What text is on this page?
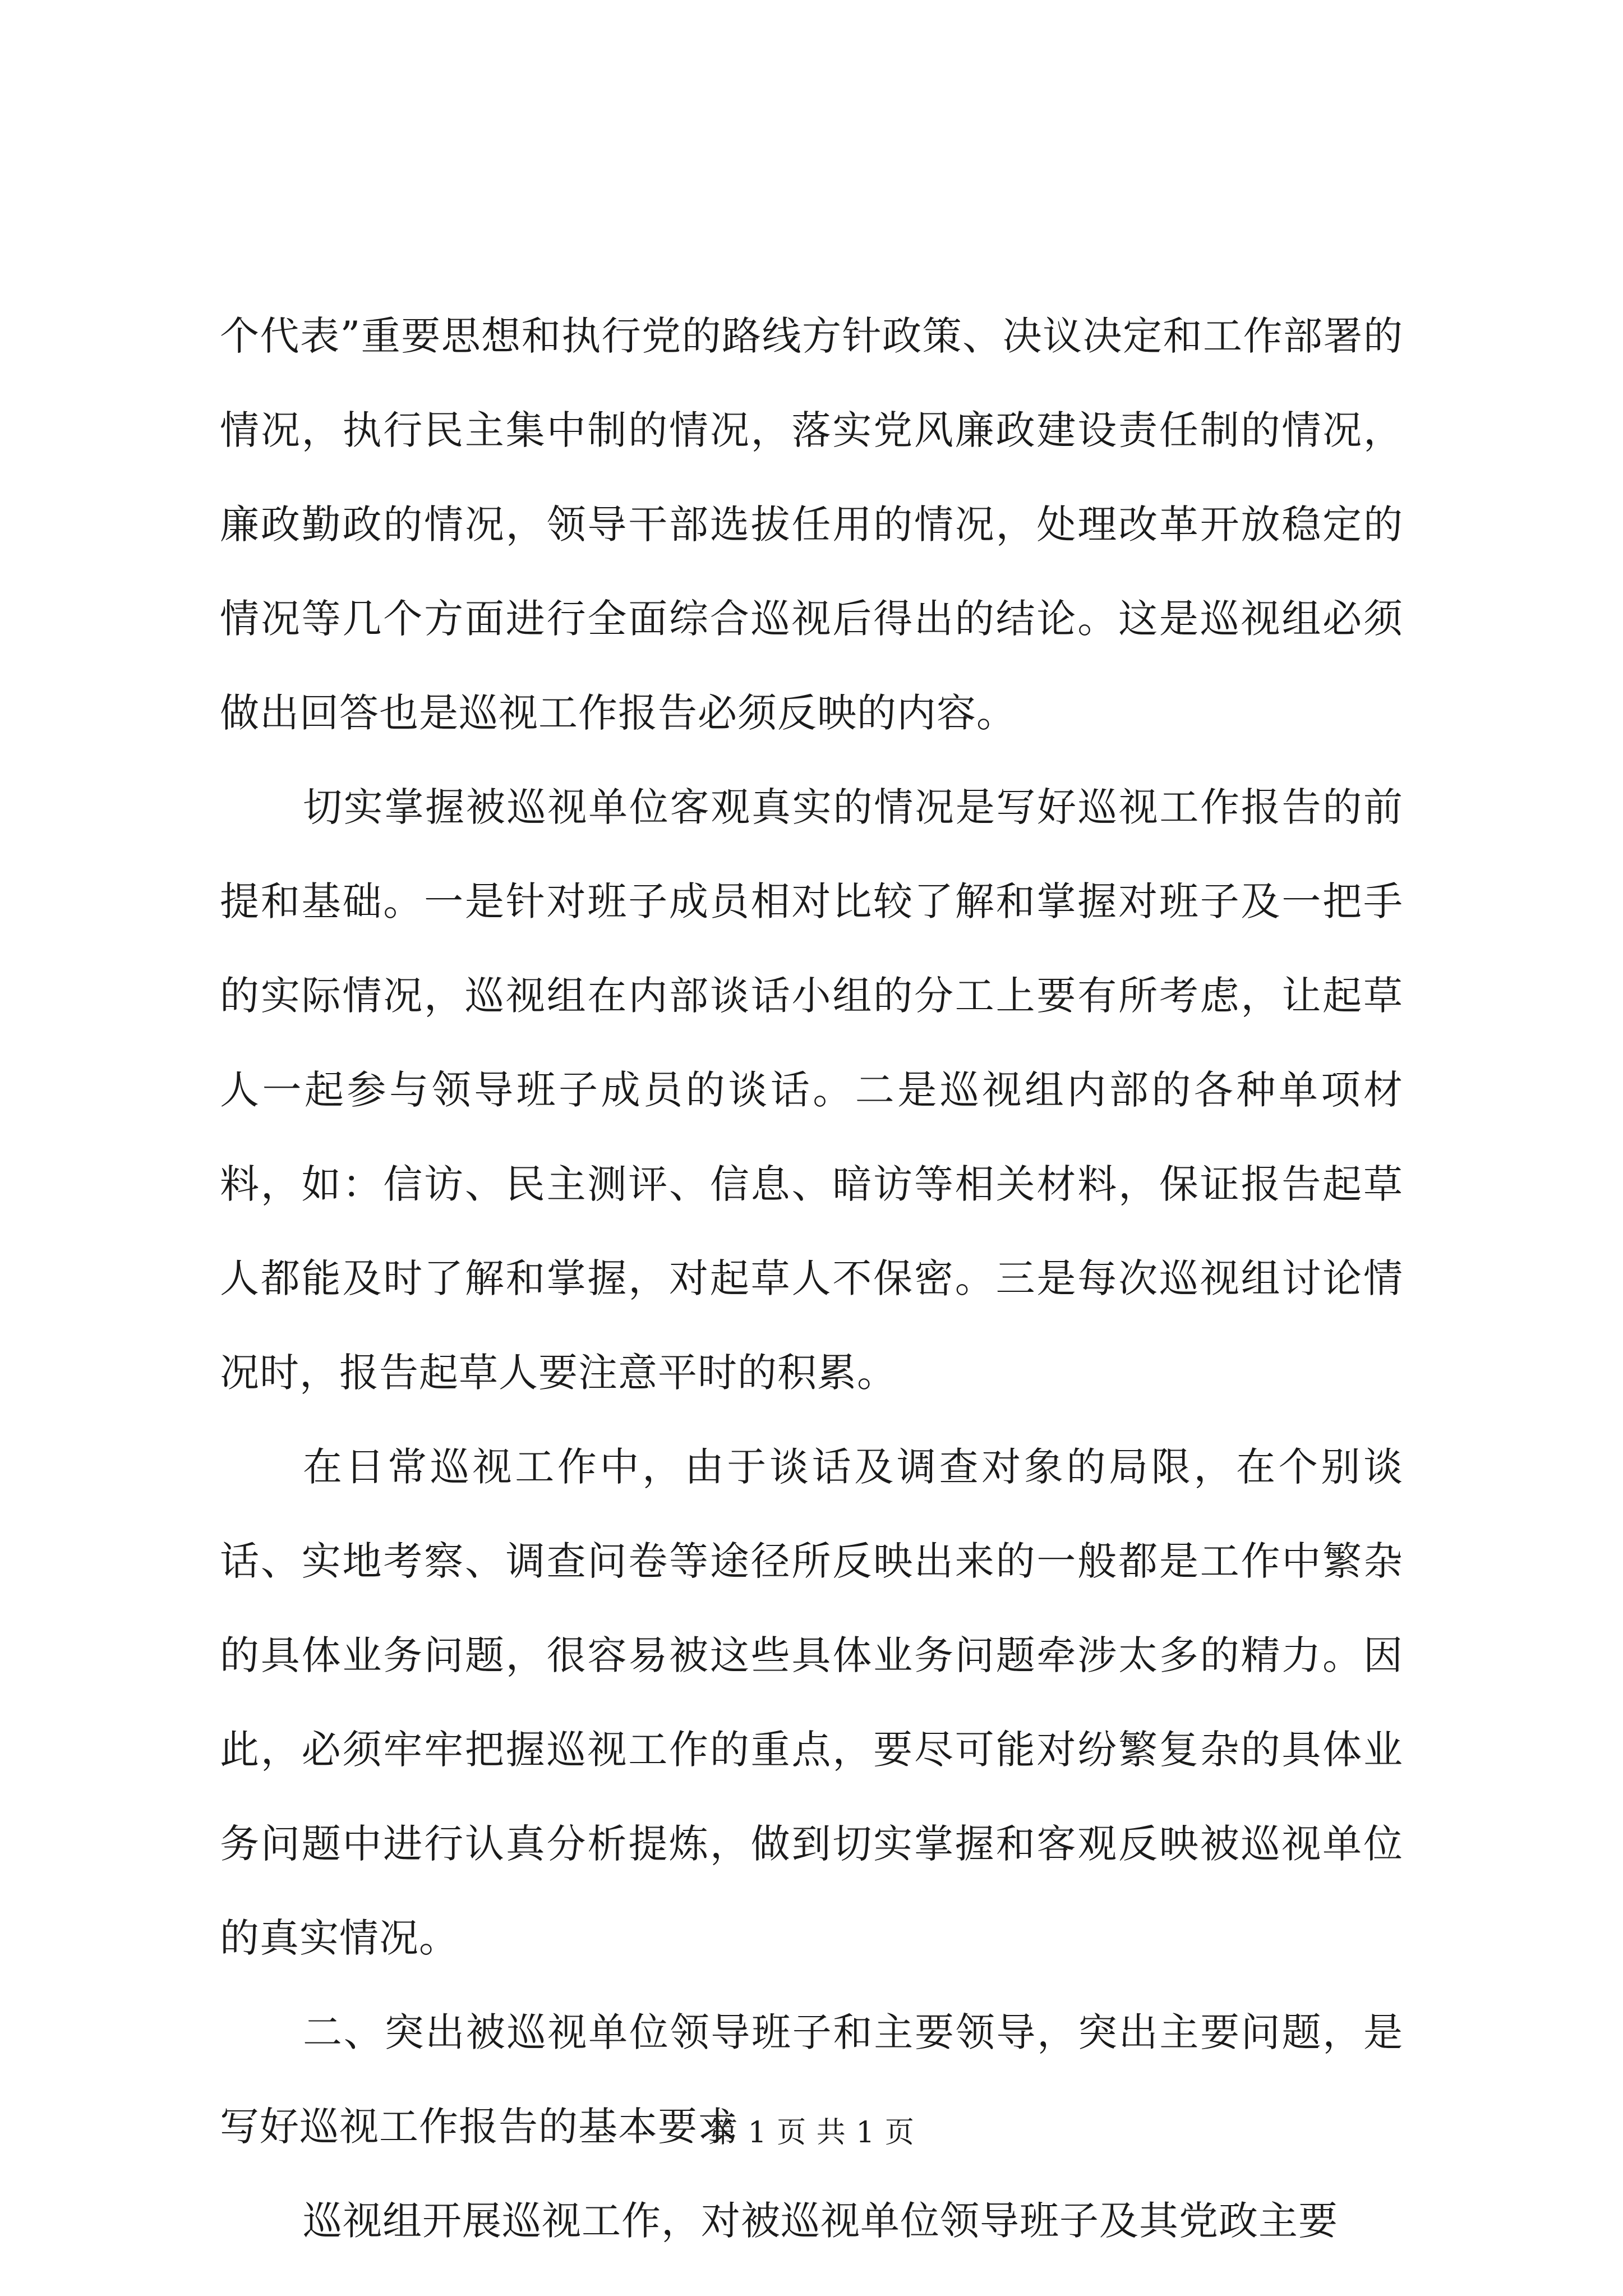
个代表”重要思想和执行党的路线方针政策、决议决定和工作部署的情况，执行民主集中制的情况，落实党风廉政建设责任制的情况，廉政勤政的情况，领导干部选拔任用的情况，处理改革开放稳定的情况等几个方面进行全面综合巡视后得出的结论。这是巡视组必须做出回答也是巡视工作报告必须反映的内容。

切实掌握被巡视单位客观真实的情况是写好巡视工作报告的前提和基础。一是针对班子成员相对比较了解和掌握对班子及一把手的实际情况，巡视组在内部谈话小组的分工上要有所考虑，让起草人一起参与领导班子成员的谈话。二是巡视组内部的各种单项材料，如：信访、民主测评、信息、暗访等相关材料，保证报告起草人都能及时了解和掌握，对起草人不保密。三是每次巡视组讨论情况时，报告起草人要注意平时的积累。

在日常巡视工作中，由于谈话及调查对象的局限，在个别谈话、实地考察、调查问卷等途径所反映出来的一般都是工作中繁杂的具体业务问题，很容易被这些具体业务问题牵涉太多的精力。因此，必须牢牢把握巡视工作的重点，要尽可能对纷繁复杂的具体业务问题中进行认真分析提炼，做到切实掌握和客观反映被巡视单位的真实情况。

二、突出被巡视单位领导班子和主要领导，突出主要问题，是写好巡视工作报告的基本要求

巡视组开展巡视工作，对被巡视单位领导班子及其党政主要

第 1 页 共 1 页
